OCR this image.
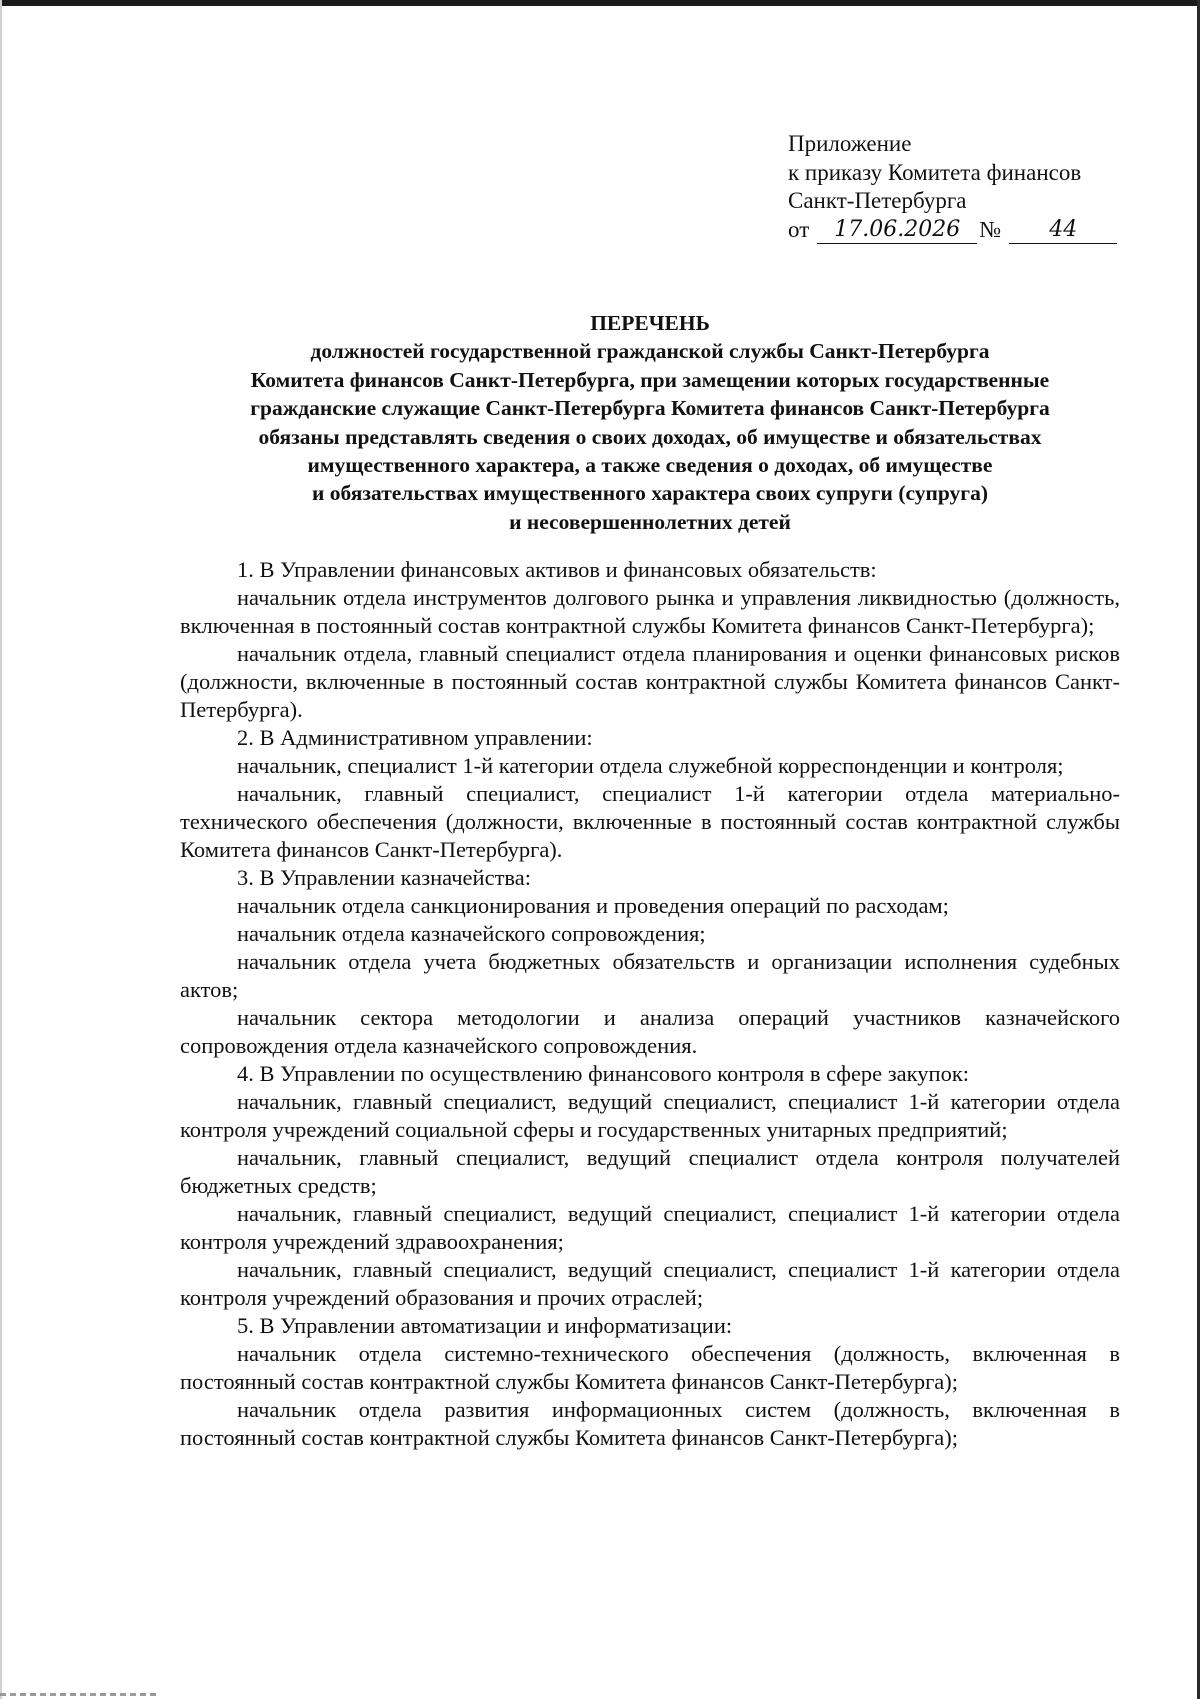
Приложение
к приказу Комитета финансов
Санкт-Петербурга
от	17.06.2026 №	44
ПЕРЕЧЕНЬ
должностей государственной гражданской службы Санкт-Петербурга
Комитета финансов Санкт-Петербурга, при замещении которых государственные
гражданские служащие Санкт-Петербурга Комитета финансов Санкт-Петербурга
обязаны представлять сведения о своих доходах, об имуществе и обязательствах
имущественного характера, а также сведения о доходах, об имуществе
и обязательствах имущественного характера своих супруги (супруга)
и несовершеннолетних детей

1. В Управлении финансовых активов и финансовых обязательств:

начальник отдела инструментов долгового рынка и управления ликвидностью (должность, включенная в постоянный состав контрактной службы Комитета финансов Санкт-Петербурга);

начальник отдела, главный специалист отдела планирования и оценки финансовых рисков (должности, включенные в постоянный состав контрактной службы Комитета финансов Санкт-Петербурга).

2. В Административном управлении:

начальник, специалист 1-й категории отдела служебной корреспонденции и контроля;

начальник, главный специалист, специалист 1-й категории отдела материально-технического обеспечения (должности, включенные в постоянный состав контрактной службы Комитета финансов Санкт-Петербурга).

3. В Управлении казначейства:

начальник отдела санкционирования и проведения операций по расходам;

начальник отдела казначейского сопровождения;

начальник отдела учета бюджетных обязательств и организации исполнения судебных актов;

начальник сектора методологии и анализа операций участников казначейского сопровождения отдела казначейского сопровождения.

4. В Управлении по осуществлению финансового контроля в сфере закупок:

начальник, главный специалист, ведущий специалист, специалист 1-й категории отдела контроля учреждений социальной сферы и государственных унитарных предприятий;

начальник, главный специалист, ведущий специалист отдела контроля получателей бюджетных средств;

начальник, главный специалист, ведущий специалист, специалист 1-й категории отдела контроля учреждений здравоохранения;

начальник, главный специалист, ведущий специалист, специалист 1-й категории отдела контроля учреждений образования и прочих отраслей;

5. В Управлении автоматизации и информатизации:

начальник отдела системно-технического обеспечения (должность, включенная в постоянный состав контрактной службы Комитета финансов Санкт-Петербурга);

начальник отдела развития информационных систем (должность, включенная в постоянный состав контрактной службы Комитета финансов Санкт-Петербурга);
